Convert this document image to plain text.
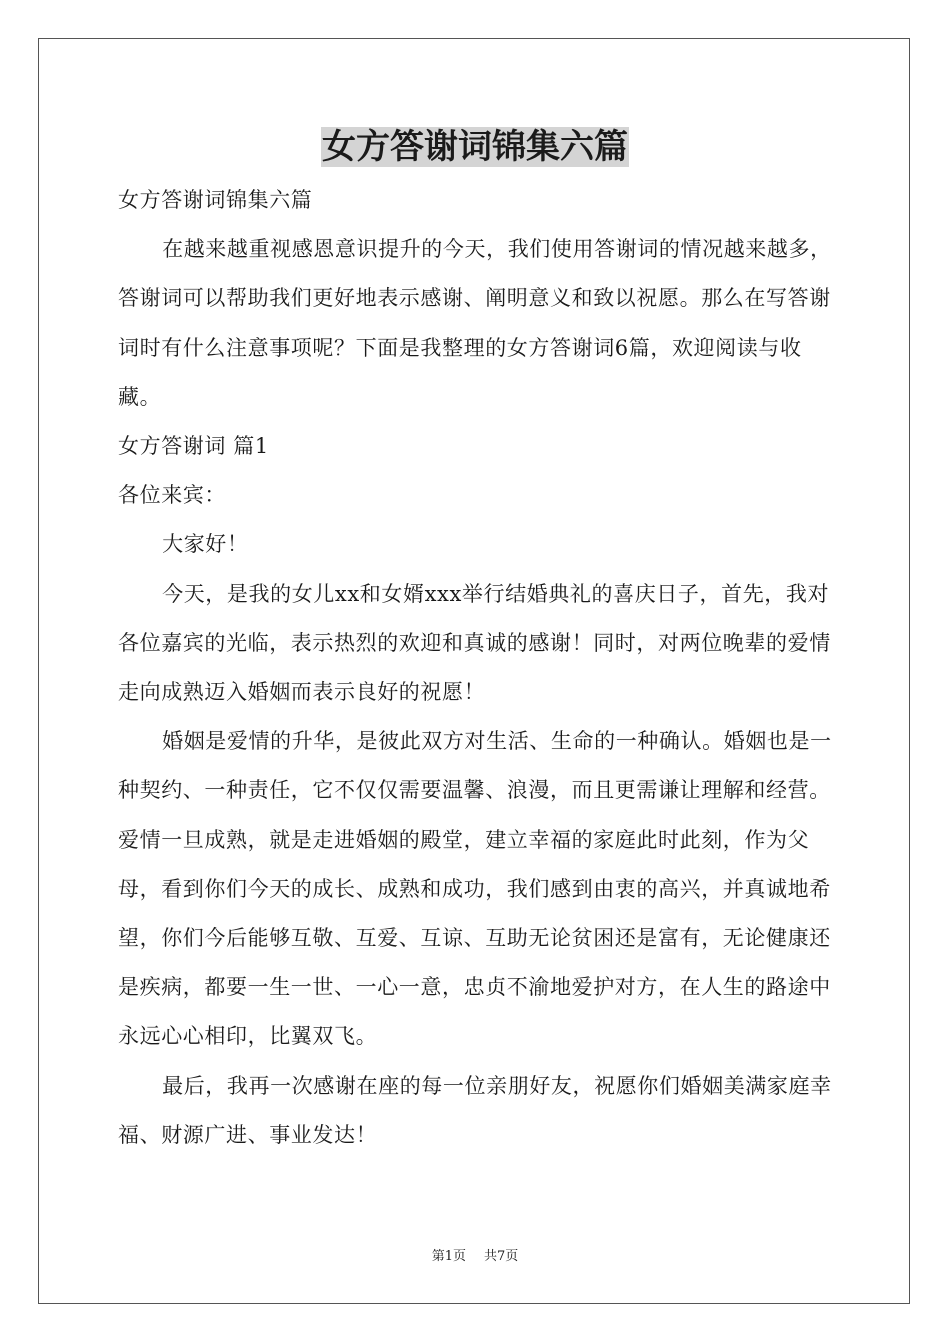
女方答谢词锦集六篇

女方答谢词锦集六篇

在越来越重视感恩意识提升的今天，我们使用答谢词的情况越来越多，答谢词可以帮助我们更好地表示感谢、阐明意义和致以祝愿。那么在写答谢词时有什么注意事项呢？下面是我整理的女方答谢词6篇，欢迎阅读与收藏。

女方答谢词 篇1

各位来宾：

大家好！

今天，是我的女儿xx和女婿xxx举行结婚典礼的喜庆日子，首先，我对各位嘉宾的光临，表示热烈的欢迎和真诚的感谢！同时，对两位晚辈的爱情走向成熟迈入婚姻而表示良好的祝愿！

婚姻是爱情的升华，是彼此双方对生活、生命的一种确认。婚姻也是一种契约、一种责任，它不仅仅需要温馨、浪漫，而且更需谦让理解和经营。爱情一旦成熟，就是走进婚姻的殿堂，建立幸福的家庭此时此刻，作为父母，看到你们今天的成长、成熟和成功，我们感到由衷的高兴，并真诚地希望，你们今后能够互敬、互爱、互谅、互助无论贫困还是富有，无论健康还是疾病，都要一生一世、一心一意，忠贞不渝地爱护对方，在人生的路途中永远心心相印，比翼双飞。

最后，我再一次感谢在座的每一位亲朋好友，祝愿你们婚姻美满家庭幸福、财源广进、事业发达！

第1页 共7页
